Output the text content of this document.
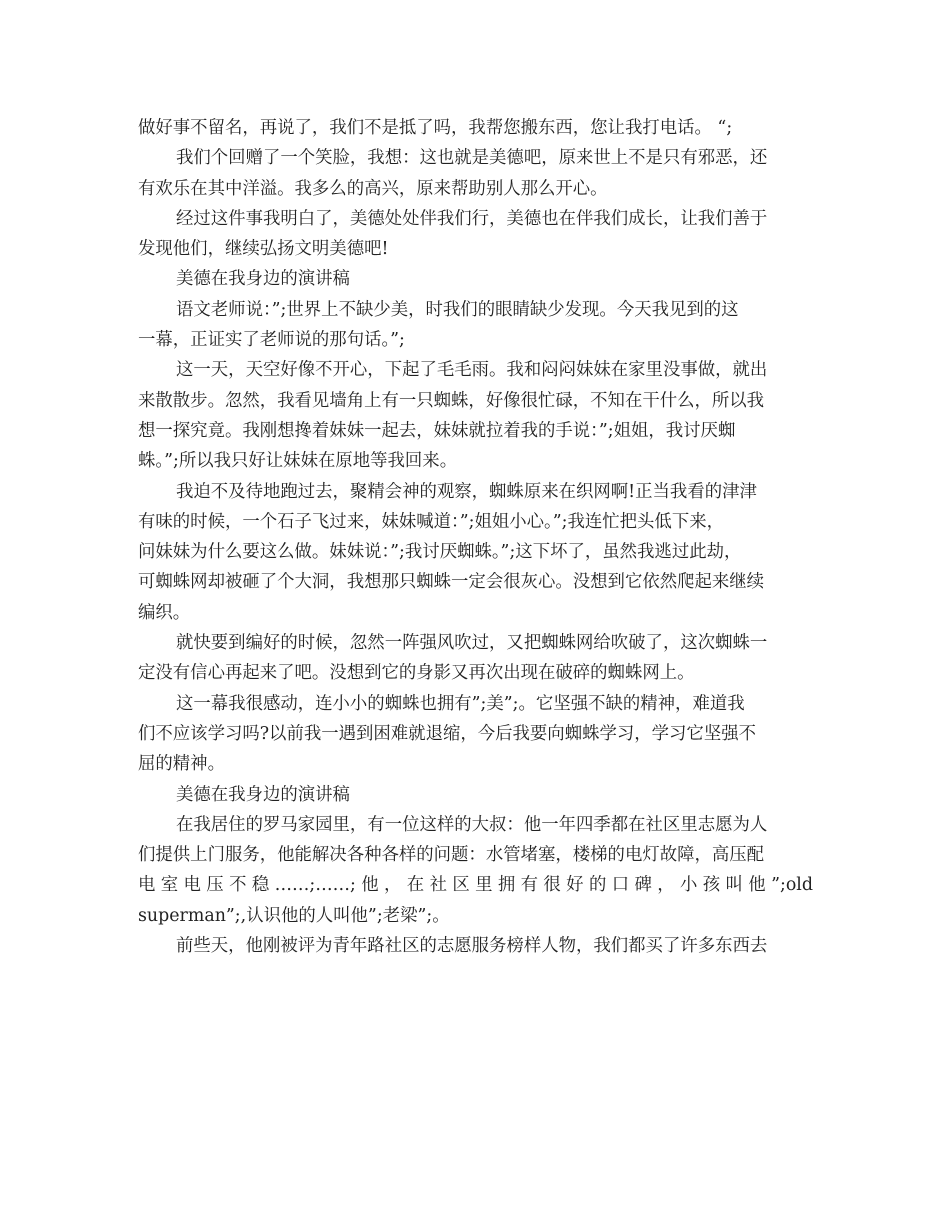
做好事不留名，再说了，我们不是抵了吗，我帮您搬东西，您让我打电话。 “;
我们个回赠了一个笑脸，我想：这也就是美德吧，原来世上不是只有邪恶，还
有欢乐在其中洋溢。我多么的高兴，原来帮助别人那么开心。
经过这件事我明白了，美德处处伴我们行，美德也在伴我们成长，让我们善于
发现他们，继续弘扬文明美德吧!
美德在我身边的演讲稿
语文老师说：”;世界上不缺少美，时我们的眼睛缺少发现。今天我见到的这
一幕，正证实了老师说的那句话。”;
这一天，天空好像不开心，下起了毛毛雨。我和闷闷妹妹在家里没事做，就出
来散散步。忽然，我看见墙角上有一只蜘蛛，好像很忙碌，不知在干什么，所以我
想一探究竟。我刚想搀着妹妹一起去，妹妹就拉着我的手说：”;姐姐，我讨厌蜘
蛛。”;所以我只好让妹妹在原地等我回来。
我迫不及待地跑过去，聚精会神的观察，蜘蛛原来在织网啊!正当我看的津津
有味的时候，一个石子飞过来，妹妹喊道：”;姐姐小心。”;我连忙把头低下来，
问妹妹为什么要这么做。妹妹说：”;我讨厌蜘蛛。”;这下坏了，虽然我逃过此劫，
可蜘蛛网却被砸了个大洞，我想那只蜘蛛一定会很灰心。没想到它依然爬起来继续
编织。
就快要到编好的时候，忽然一阵强风吹过，又把蜘蛛网给吹破了，这次蜘蛛一
定没有信心再起来了吧。没想到它的身影又再次出现在破碎的蜘蛛网上。
这一幕我很感动，连小小的蜘蛛也拥有”;美”;。它坚强不缺的精神，难道我
们不应该学习吗?以前我一遇到困难就退缩，今后我要向蜘蛛学习，学习它坚强不
屈的精神。
美德在我身边的演讲稿
在我居住的罗马家园里，有一位这样的大叔：他一年四季都在社区里志愿为人
们提供上门服务，他能解决各种各样的问题：水管堵塞，楼梯的电灯故障，高压配
电室电压不稳……;……;他，在社区里拥有很好的口碑，小孩叫他”;old
superman”;,认识他的人叫他”;老梁”;。
前些天，他刚被评为青年路社区的志愿服务榜样人物，我们都买了许多东西去
